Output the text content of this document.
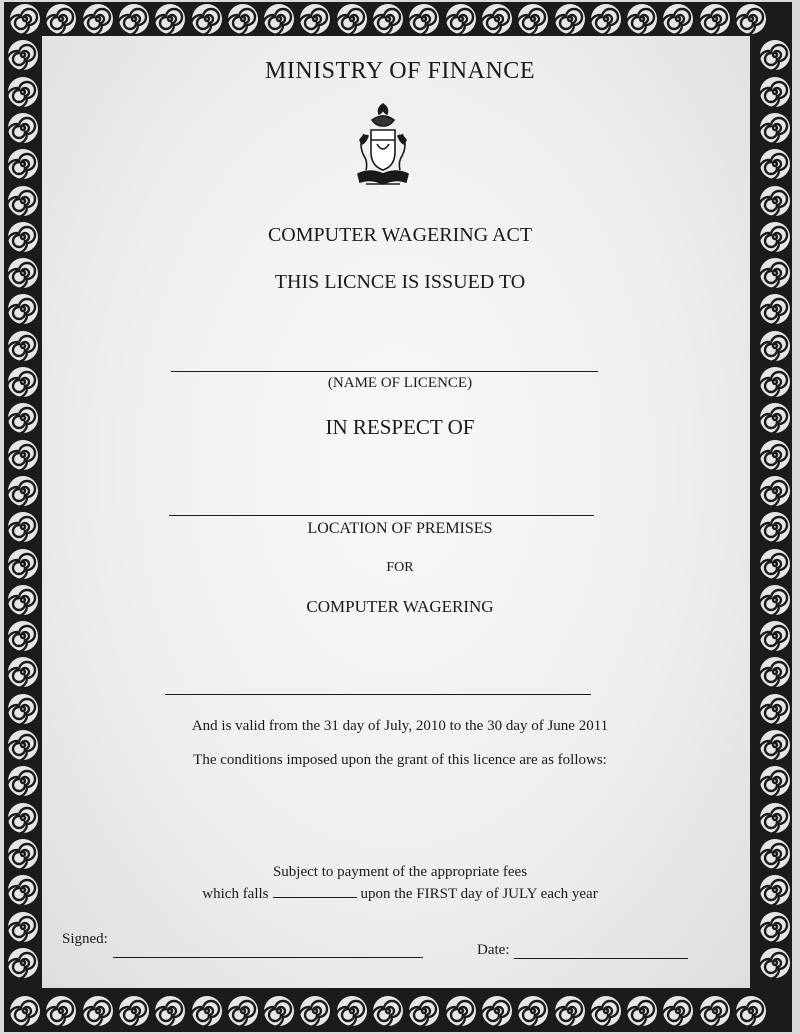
MINISTRY OF FINANCE
COMPUTER WAGERING ACT
THIS LICNCE IS ISSUED TO
(NAME OF LICENCE)
IN RESPECT OF
LOCATION OF PREMISES
FOR
COMPUTER WAGERING
And is valid from the 31 day of July, 2010 to the 30 day of June 2011
The conditions imposed upon the grant of this licence are as follows:
Subject to payment of the appropriate fees
which falls	upon the FIRST day of JULY each year
Signed:
Date:
